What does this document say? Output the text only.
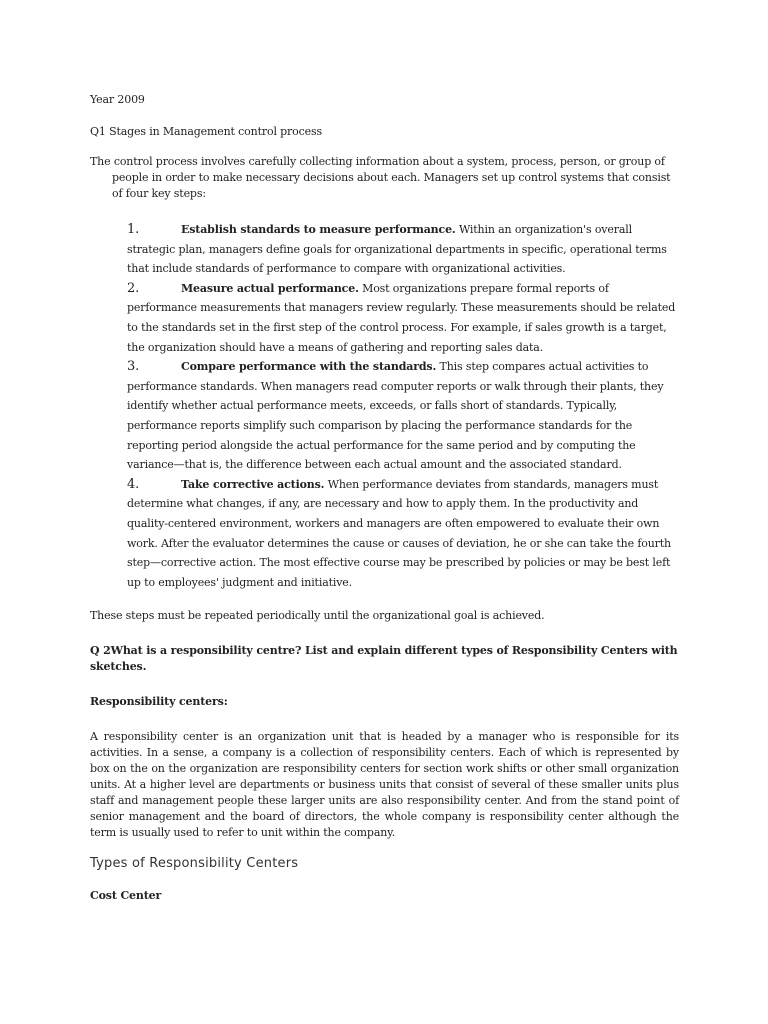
Year 2009

Q1 Stages in Management control process

The control process involves carefully collecting information about a system, process, person, or group of people in order to make necessary decisions about each. Managers set up control systems that consist of four key steps:

1.	Establish standards to measure performance. Within an organization's overall strategic plan, managers define goals for organizational departments in specific, operational terms that include standards of performance to compare with organizational activities.
2.	Measure actual performance. Most organizations prepare formal reports of performance measurements that managers review regularly. These measurements should be related to the standards set in the first step of the control process. For example, if sales growth is a target, the organization should have a means of gathering and reporting sales data.
3.	Compare performance with the standards. This step compares actual activities to performance standards. When managers read computer reports or walk through their plants, they identify whether actual performance meets, exceeds, or falls short of standards. Typically, performance reports simplify such comparison by placing the performance standards for the reporting period alongside the actual performance for the same period and by computing the variance—that is, the difference between each actual amount and the associated standard.
4.	Take corrective actions. When performance deviates from standards, managers must determine what changes, if any, are necessary and how to apply them. In the productivity and quality-centered environment, workers and managers are often empowered to evaluate their own work. After the evaluator determines the cause or causes of deviation, he or she can take the fourth step—corrective action. The most effective course may be prescribed by policies or may be best left up to employees' judgment and initiative.

These steps must be repeated periodically until the organizational goal is achieved.

Q 2What is a responsibility centre? List and explain different types of Responsibility Centers with sketches.

Responsibility centers:

A responsibility center is an organization unit that is headed by a manager who is responsible for its activities. In a sense, a company is a collection of responsibility centers. Each of which is represented by box on the on the organization are responsibility centers for section work shifts or other small organization units. At a higher level are departments or business units that consist of several of these smaller units plus staff and management people these larger units are also responsibility center. And from the stand point of senior management and the board of directors, the whole company is responsibility center although the term is usually used to refer to unit within the company.

Types of Responsibility Centers

Cost Center
